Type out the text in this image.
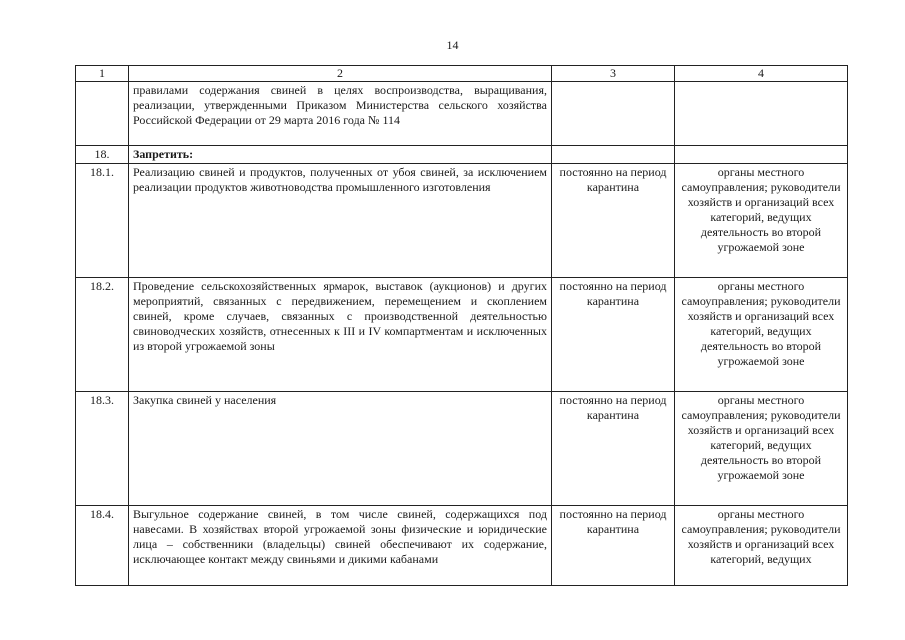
14
1	2	3	4
	правилами содержания свиней в целях воспроизводства, выращивания, реализации, утвержденными Приказом Министерства сельского хозяйства Российской Федерации от 29 марта 2016 года № 114		
18.	Запретить:		
18.1.	Реализацию свиней и продуктов, полученных от убоя свиней, за исключением реализации продуктов животноводства промышленного изготовления	постоянно на период карантина	органы местного самоуправления; руководители хозяйств и организаций всех категорий, ведущих деятельность во второй угрожаемой зоне
18.2.	Проведение сельскохозяйственных ярмарок, выставок (аукционов) и других мероприятий, связанных с передвижением, перемещением и скоплением свиней, кроме случаев, связанных с производственной деятельностью свиноводческих хозяйств, отнесенных к III и IV компартментам и исключенных из второй угрожаемой зоны	постоянно на период карантина	органы местного самоуправления; руководители хозяйств и организаций всех категорий, ведущих деятельность во второй угрожаемой зоне
18.3.	Закупка свиней у населения	постоянно на период карантина	органы местного самоуправления; руководители хозяйств и организаций всех категорий, ведущих деятельность во второй угрожаемой зоне
18.4.	Выгульное содержание свиней, в том числе свиней, содержащихся под навесами. В хозяйствах второй угрожаемой зоны физические и юридические лица – собственники (владельцы) свиней обеспечивают их содержание, исключающее контакт между свиньями и дикими кабанами	постоянно на период карантина	органы местного самоуправления; руководители хозяйств и организаций всех категорий, ведущих
